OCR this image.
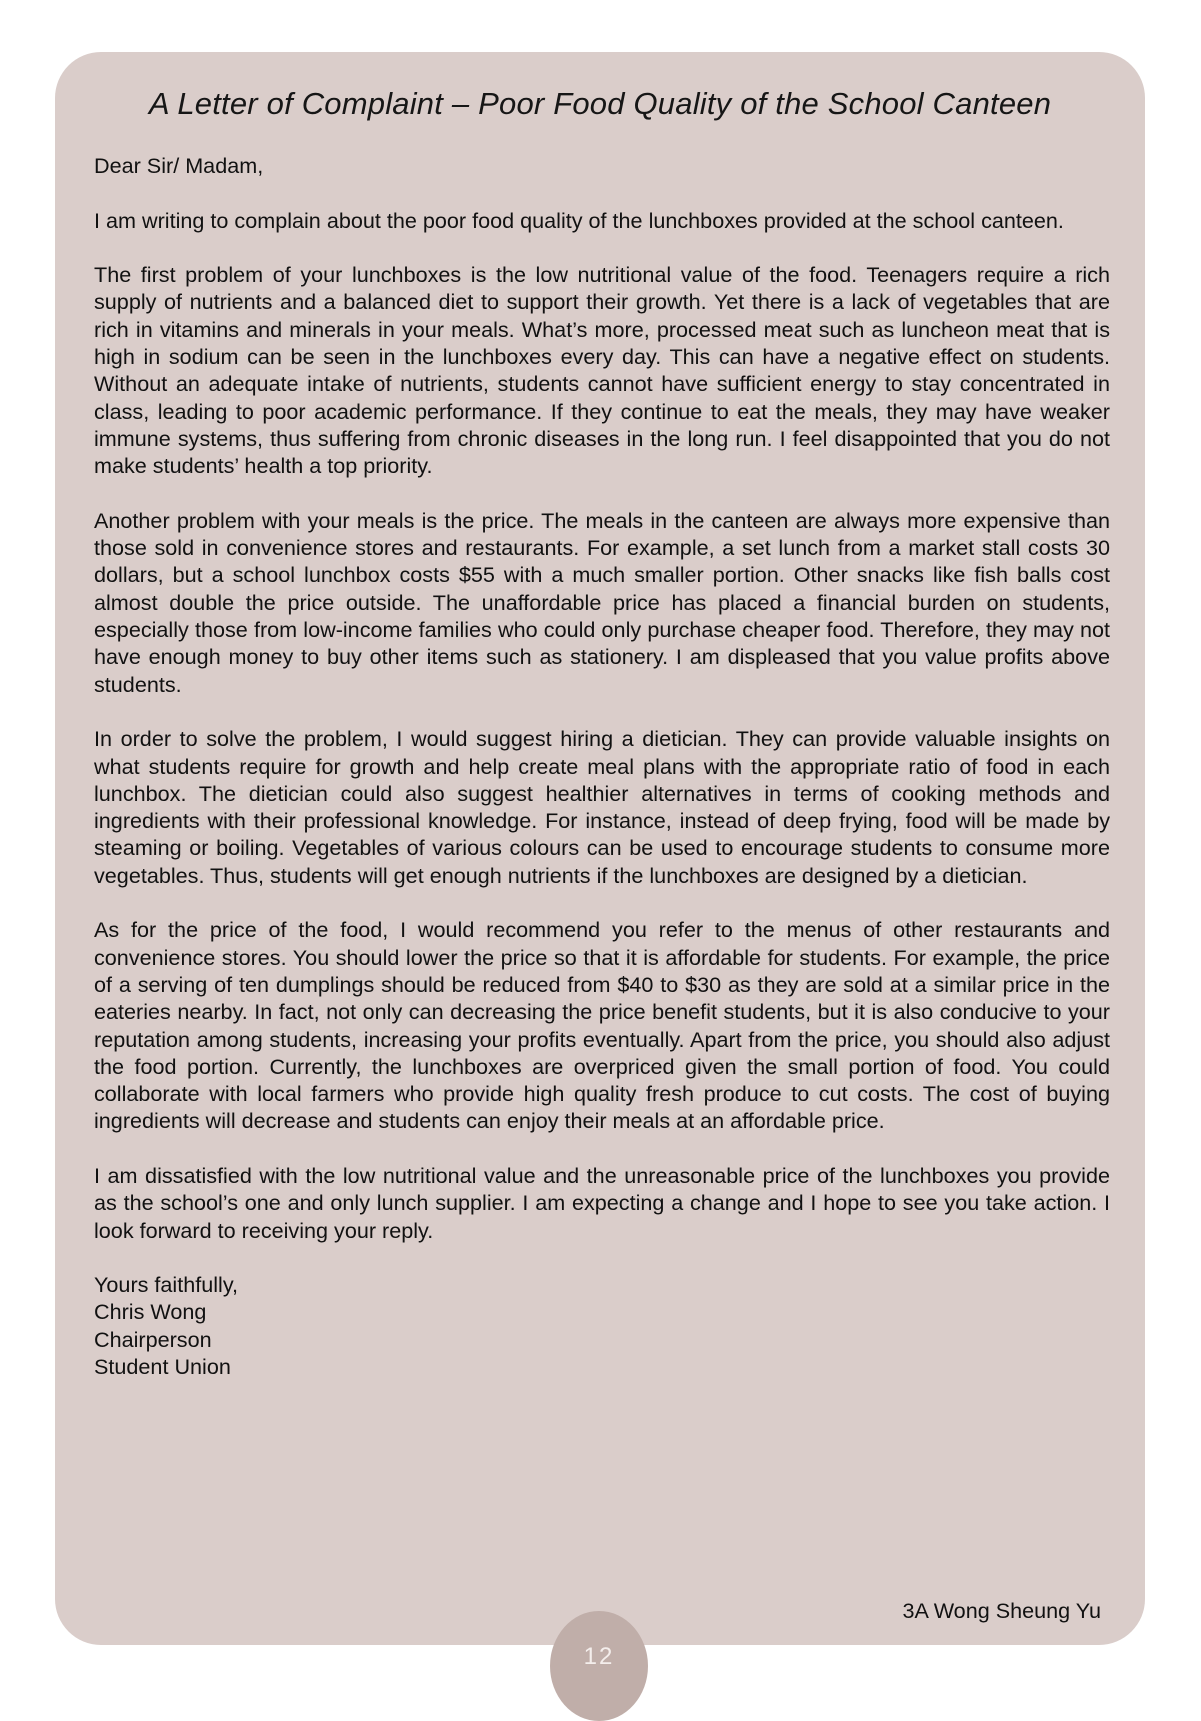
A Letter of Complaint – Poor Food Quality of the School Canteen

Dear Sir/ Madam,

I am writing to complain about the poor food quality of the lunchboxes provided at the school canteen.

The first problem of your lunchboxes is the low nutritional value of the food. Teenagers require a rich supply of nutrients and a balanced diet to support their growth. Yet there is a lack of vegetables that are rich in vitamins and minerals in your meals. What’s more, processed meat such as luncheon meat that is high in sodium can be seen in the lunchboxes every day. This can have a negative effect on students. Without an adequate intake of nutrients, students cannot have sufficient energy to stay concentrated in class, leading to poor academic performance. If they continue to eat the meals, they may have weaker immune systems, thus suffering from chronic diseases in the long run. I feel disappointed that you do not make students’ health a top priority.

Another problem with your meals is the price. The meals in the canteen are always more expensive than those sold in convenience stores and restaurants. For example, a set lunch from a market stall costs 30 dollars, but a school lunchbox costs $55 with a much smaller portion. Other snacks like fish balls cost almost double the price outside. The unaffordable price has placed a financial burden on students, especially those from low-income families who could only purchase cheaper food. Therefore, they may not have enough money to buy other items such as stationery. I am displeased that you value profits above students.

In order to solve the problem, I would suggest hiring a dietician. They can provide valuable insights on what students require for growth and help create meal plans with the appropriate ratio of food in each lunchbox. The dietician could also suggest healthier alternatives in terms of cooking methods and ingredients with their professional knowledge. For instance, instead of deep frying, food will be made by steaming or boiling. Vegetables of various colours can be used to encourage students to consume more vegetables. Thus, students will get enough nutrients if the lunchboxes are designed by a dietician.

As for the price of the food, I would recommend you refer to the menus of other restaurants and convenience stores. You should lower the price so that it is affordable for students. For example, the price of a serving of ten dumplings should be reduced from $40 to $30 as they are sold at a similar price in the eateries nearby. In fact, not only can decreasing the price benefit students, but it is also conducive to your reputation among students, increasing your profits eventually. Apart from the price, you should also adjust the food portion. Currently, the lunchboxes are overpriced given the small portion of food. You could collaborate with local farmers who provide high quality fresh produce to cut costs. The cost of buying ingredients will decrease and students can enjoy their meals at an affordable price.

I am dissatisfied with the low nutritional value and the unreasonable price of the lunchboxes you provide as the school’s one and only lunch supplier. I am expecting a change and I hope to see you take action. I look forward to receiving your reply.

Yours faithfully,

Chris Wong

Chairperson

Student Union

3A Wong Sheung Yu
12
